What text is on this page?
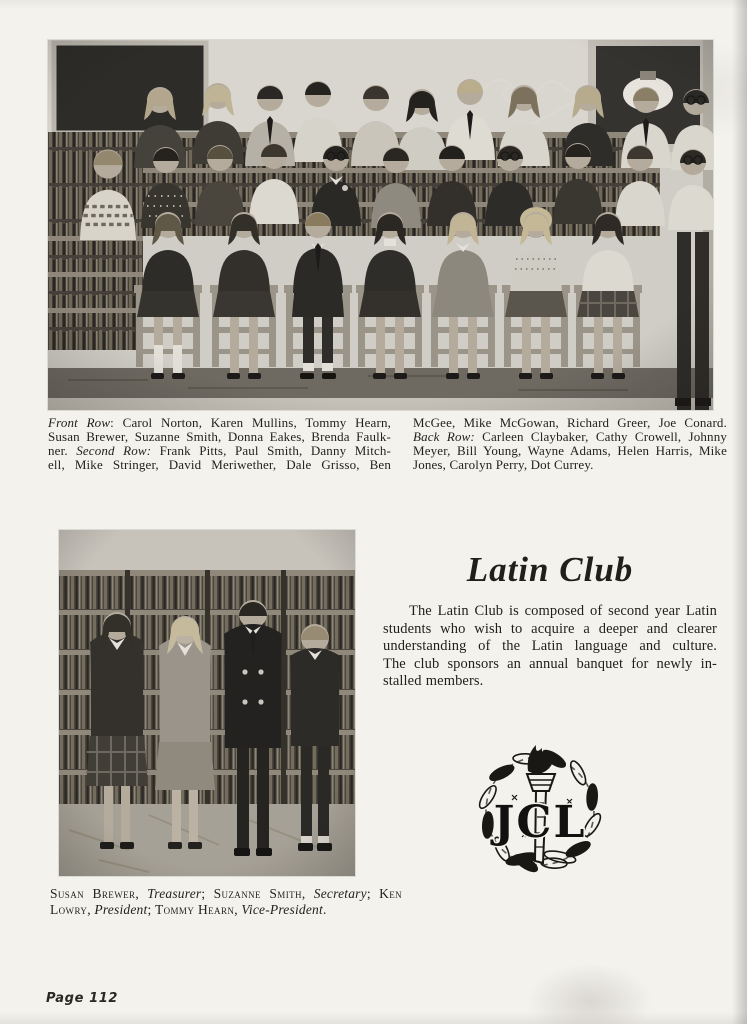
Front Row: Carol Norton, Karen Mullins, Tommy Hearn,
Susan Brewer, Suzanne Smith, Donna Eakes, Brenda Faulk-
ner. Second Row: Frank Pitts, Paul Smith, Danny Mitch-
ell, Mike Stringer, David Meriwether, Dale Grisso, Ben
McGee, Mike McGowan, Richard Greer, Joe Conard.
Back Row: Carleen Claybaker, Cathy Crowell, Johnny
Meyer, Bill Young, Wayne Adams, Helen Harris, Mike
Jones, Carolyn Perry, Dot Currey.
Latin Club
The Latin Club is composed of second year Latin
students who wish to acquire a deeper and clearer
understanding of the Latin language and culture.
The club sponsors an annual banquet for newly in-
stalled members.
JCL

Susan Brewer, Treasurer; Suzanne Smith, Secretary; Ken Lowry, President; Tommy Hearn, Vice-President.

Page 112
